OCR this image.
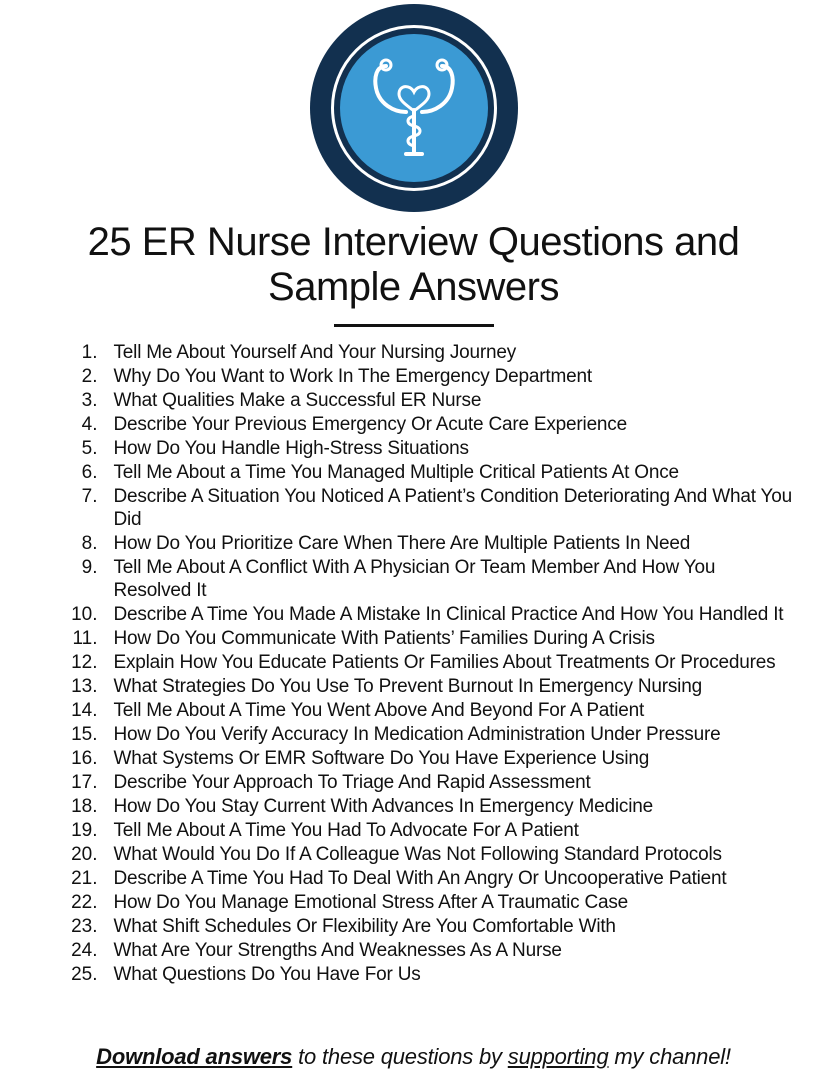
25 ER Nurse Interview Questions and Sample Answers
1. Tell Me About Yourself And Your Nursing Journey
2. Why Do You Want to Work In The Emergency Department
3. What Qualities Make a Successful ER Nurse
4. Describe Your Previous Emergency Or Acute Care Experience
5. How Do You Handle High-Stress Situations
6. Tell Me About a Time You Managed Multiple Critical Patients At Once
7. Describe A Situation You Noticed A Patient’s Condition Deteriorating And What You Did
8. How Do You Prioritize Care When There Are Multiple Patients In Need
9. Tell Me About A Conflict With A Physician Or Team Member And How You Resolved It
10. Describe A Time You Made A Mistake In Clinical Practice And How You Handled It
11. How Do You Communicate With Patients’ Families During A Crisis
12. Explain How You Educate Patients Or Families About Treatments Or Procedures
13. What Strategies Do You Use To Prevent Burnout In Emergency Nursing
14. Tell Me About A Time You Went Above And Beyond For A Patient
15. How Do You Verify Accuracy In Medication Administration Under Pressure
16. What Systems Or EMR Software Do You Have Experience Using
17. Describe Your Approach To Triage And Rapid Assessment
18. How Do You Stay Current With Advances In Emergency Medicine
19. Tell Me About A Time You Had To Advocate For A Patient
20. What Would You Do If A Colleague Was Not Following Standard Protocols
21. Describe A Time You Had To Deal With An Angry Or Uncooperative Patient
22. How Do You Manage Emotional Stress After A Traumatic Case
23. What Shift Schedules Or Flexibility Are You Comfortable With
24. What Are Your Strengths And Weaknesses As A Nurse
25. What Questions Do You Have For Us
Download answers to these questions by supporting my channel!
